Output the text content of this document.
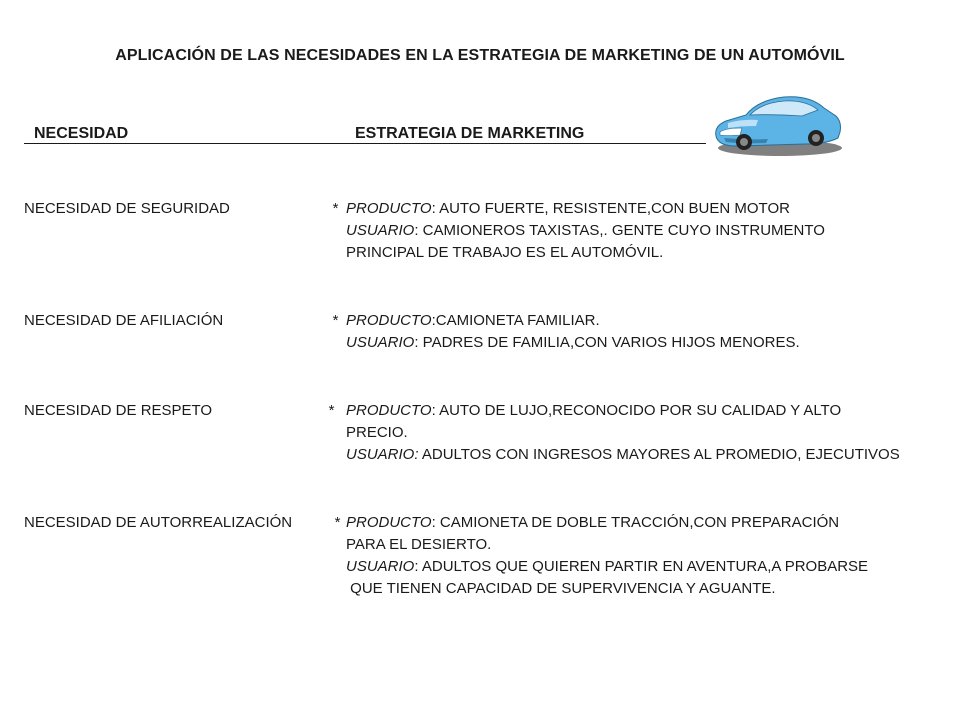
APLICACIÓN DE LAS NECESIDADES EN LA ESTRATEGIA DE MARKETING DE UN AUTOMÓVIL
NECESIDAD	ESTRATEGIA DE MARKETING
NECESIDAD DE SEGURIDAD	* PRODUCTO: AUTO FUERTE, RESISTENTE,CON BUEN MOTOR
USUARIO: CAMIONEROS TAXISTAS,. GENTE CUYO INSTRUMENTO
PRINCIPAL DE TRABAJO ES EL AUTOMÓVIL.
NECESIDAD DE AFILIACIÓN	* PRODUCTO:CAMIONETA FAMILIAR.
USUARIO: PADRES DE FAMILIA,CON VARIOS HIJOS MENORES.
NECESIDAD DE RESPETO	* PRODUCTO: AUTO DE LUJO,RECONOCIDO POR SU CALIDAD Y ALTO
PRECIO.
USUARIO: ADULTOS CON INGRESOS MAYORES AL PROMEDIO, EJECUTIVOS
NECESIDAD DE AUTORREALIZACIÓN	* PRODUCTO: CAMIONETA DE DOBLE TRACCIÓN,CON PREPARACIÓN
PARA EL DESIERTO.
USUARIO: ADULTOS QUE QUIEREN PARTIR EN AVENTURA,A PROBARSE
QUE TIENEN CAPACIDAD DE SUPERVIVENCIA Y AGUANTE.
